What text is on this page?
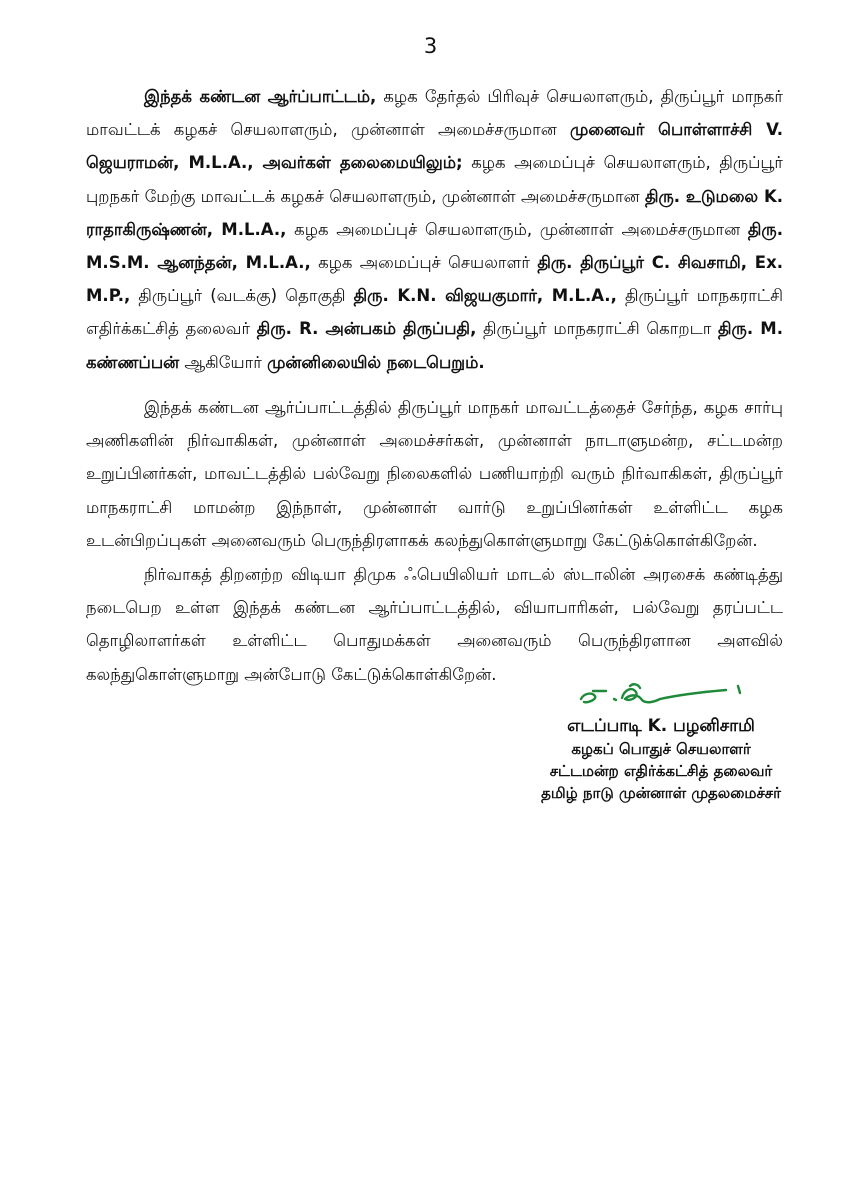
3

இந்தக் கண்டன ஆர்ப்பாட்டம், கழக தேர்தல் பிரிவுச் செயலாளரும், திருப்பூர் மாநகர் மாவட்டக் கழகச் செயலாளரும், முன்னாள் அமைச்சருமான முனைவர் பொள்ளாச்சி V. ஜெயராமன், M.L.A., அவர்கள் தலைமையிலும்; கழக அமைப்புச் செயலாளரும், திருப்பூர் புறநகர் மேற்கு மாவட்டக் கழகச் செயலாளரும், முன்னாள் அமைச்சருமான திரு. உடுமலை K. ராதாகிருஷ்ணன், M.L.A., கழக அமைப்புச் செயலாளரும், முன்னாள் அமைச்சருமான திரு. M.S.M. ஆனந்தன், M.L.A., கழக அமைப்புச் செயலாளர் திரு. திருப்பூர் C. சிவசாமி, Ex. M.P., திருப்பூர் (வடக்கு) தொகுதி திரு. K.N. விஜயகுமார், M.L.A., திருப்பூர் மாநகராட்சி எதிர்க்கட்சித் தலைவர் திரு. R. அன்பகம் திருப்பதி, திருப்பூர் மாநகராட்சி கொறடா திரு. M. கண்ணப்பன் ஆகியோர் முன்னிலையில் நடைபெறும்.

இந்தக் கண்டன ஆர்ப்பாட்டத்தில் திருப்பூர் மாநகர் மாவட்டத்தைச் சேர்ந்த, கழக சார்பு அணிகளின் நிர்வாகிகள், முன்னாள் அமைச்சர்கள், முன்னாள் நாடாளுமன்ற, சட்டமன்ற உறுப்பினர்கள், மாவட்டத்தில் பல்வேறு நிலைகளில் பணியாற்றி வரும் நிர்வாகிகள், திருப்பூர் மாநகராட்சி மாமன்ற இந்நாள், முன்னாள் வார்டு உறுப்பினர்கள் உள்ளிட்ட கழக உடன்பிறப்புகள் அனைவரும் பெருந்திரளாகக் கலந்துகொள்ளுமாறு கேட்டுக்கொள்கிறேன்.

நிர்வாகத் திறனற்ற விடியா திமுக ஃபெயிலியர் மாடல் ஸ்டாலின் அரசைக் கண்டித்து நடைபெற உள்ள இந்தக் கண்டன ஆர்ப்பாட்டத்தில், வியாபாரிகள், பல்வேறு தரப்பட்ட தொழிலாளர்கள் உள்ளிட்ட பொதுமக்கள் அனைவரும் பெருந்திரளான அளவில் கலந்துகொள்ளுமாறு அன்போடு கேட்டுக்கொள்கிறேன்.

எடப்பாடி K. பழனிசாமி
கழகப் பொதுச் செயலாளர்
சட்டமன்ற எதிர்க்கட்சித் தலைவர்
தமிழ் நாடு முன்னாள் முதலமைச்சர்
